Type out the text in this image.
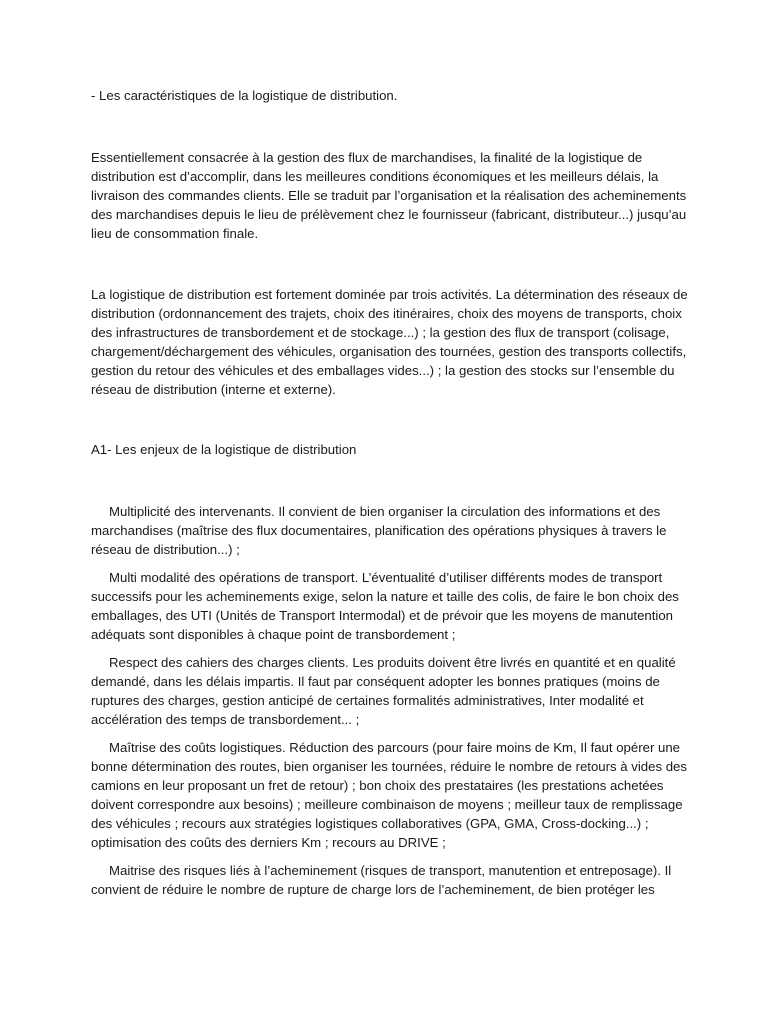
- Les caractéristiques de la logistique de distribution.

Essentiellement consacrée à la gestion des flux de marchandises, la finalité de la logistique de distribution est d’accomplir, dans les meilleures conditions économiques et les meilleurs délais, la livraison des commandes clients. Elle se traduit par l’organisation et la réalisation des acheminements des marchandises depuis le lieu de prélèvement chez le fournisseur (fabricant, distributeur...) jusqu’au lieu de consommation finale.

La logistique de distribution est fortement dominée par trois activités. La détermination des réseaux de distribution (ordonnancement des trajets, choix des itinéraires, choix des moyens de transports, choix des infrastructures de transbordement et de stockage...) ; la gestion des flux de transport (colisage, chargement/déchargement des véhicules, organisation des tournées, gestion des transports collectifs, gestion du retour des véhicules et des emballages vides...) ; la gestion des stocks sur l’ensemble du réseau de distribution (interne et externe).

A1- Les enjeux de la logistique de distribution

Multiplicité des intervenants. Il convient de bien organiser la circulation des informations et des marchandises (maîtrise des flux documentaires, planification des opérations physiques à travers le réseau de distribution...) ;

Multi modalité des opérations de transport. L’éventualité d’utiliser différents modes de transport successifs pour les acheminements exige, selon la nature et taille des colis, de faire le bon choix des emballages, des UTI (Unités de Transport Intermodal) et de prévoir que les moyens de manutention adéquats sont disponibles à chaque point de transbordement ;

Respect des cahiers des charges clients. Les produits doivent être livrés en quantité et en qualité demandé, dans les délais impartis. Il faut par conséquent adopter les bonnes pratiques (moins de ruptures des charges, gestion anticipé de certaines formalités administratives, Inter modalité et accélération des temps de transbordement... ;

Maîtrise des coûts logistiques. Réduction des parcours (pour faire moins de Km, Il faut opérer une bonne détermination des routes, bien organiser les tournées, réduire le nombre de retours à vides des camions en leur proposant un fret de retour) ; bon choix des prestataires (les prestations achetées doivent correspondre aux besoins) ; meilleure combinaison de moyens ; meilleur taux de remplissage des véhicules ; recours aux stratégies logistiques collaboratives (GPA, GMA, Cross-docking...) ; optimisation des coûts des derniers Km ; recours au DRIVE ;

Maitrise des risques liés à l’acheminement (risques de transport, manutention et entreposage). Il convient de réduire le nombre de rupture de charge lors de l’acheminement, de bien protéger les
